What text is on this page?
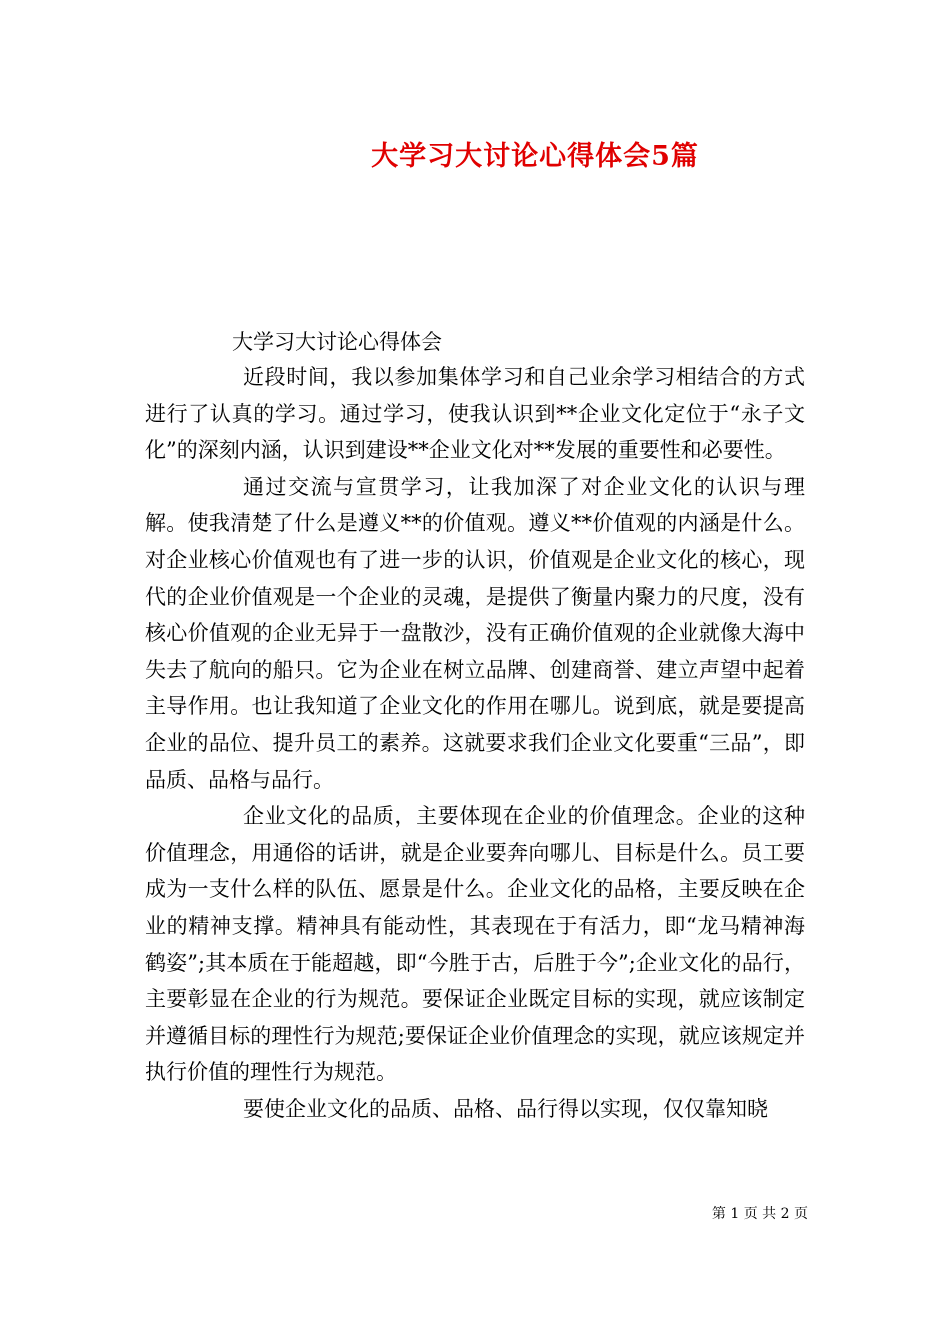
大学习大讨论心得体会5篇
大学习大讨论心得体会

近段时间，我以参加集体学习和自己业余学习相结合的方式进行了认真的学习。通过学习，使我认识到**企业文化定位于“永子文化”的深刻内涵，认识到建设**企业文化对**发展的重要性和必要性。

通过交流与宣贯学习，让我加深了对企业文化的认识与理解。使我清楚了什么是遵义**的价值观。遵义**价值观的内涵是什么。对企业核心价值观也有了进一步的认识，价值观是企业文化的核心，现代的企业价值观是一个企业的灵魂，是提供了衡量内聚力的尺度，没有核心价值观的企业无异于一盘散沙，没有正确价值观的企业就像大海中失去了航向的船只。它为企业在树立品牌、创建商誉、建立声望中起着主导作用。也让我知道了企业文化的作用在哪儿。说到底，就是要提高企业的品位、提升员工的素养。这就要求我们企业文化要重“三品”，即品质、品格与品行。

企业文化的品质，主要体现在企业的价值理念。企业的这种价值理念，用通俗的话讲，就是企业要奔向哪儿、目标是什么。员工要成为一支什么样的队伍、愿景是什么。企业文化的品格，主要反映在企业的精神支撑。精神具有能动性，其表现在于有活力，即“龙马精神海鹤姿”;其本质在于能超越，即“今胜于古，后胜于今”;企业文化的品行，主要彰显在企业的行为规范。要保证企业既定目标的实现，就应该制定并遵循目标的理性行为规范;要保证企业价值理念的实现，就应该规定并执行价值的理性行为规范。

要使企业文化的品质、品格、品行得以实现，仅仅靠知晓

第 1 页 共 2 页
